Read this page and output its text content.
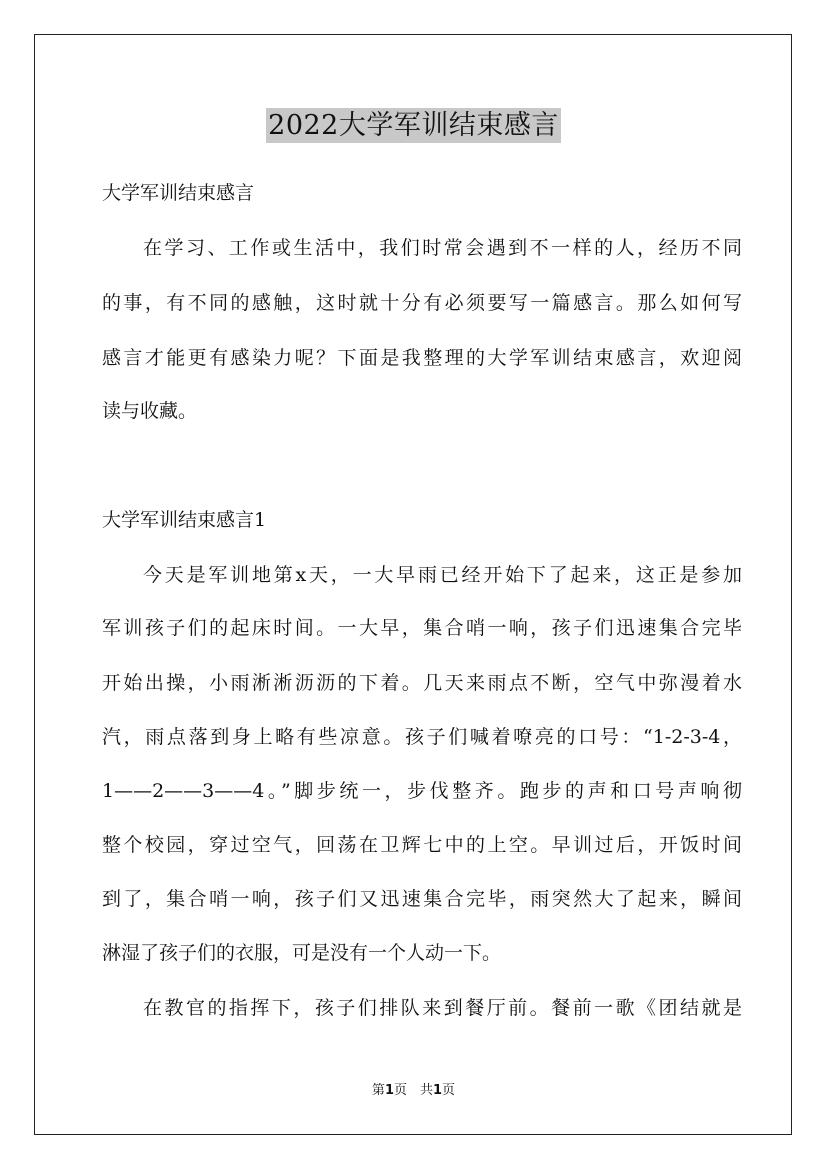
2022大学军训结束感言

大学军训结束感言

在学习、工作或生活中，我们时常会遇到不一样的人，经历不同

的事，有不同的感触，这时就十分有必须要写一篇感言。那么如何写

感言才能更有感染力呢？下面是我整理的大学军训结束感言，欢迎阅

读与收藏。

大学军训结束感言1

今天是军训地第x天，一大早雨已经开始下了起来，这正是参加

军训孩子们的起床时间。一大早，集合哨一响，孩子们迅速集合完毕

开始出操，小雨淅淅沥沥的下着。几天来雨点不断，空气中弥漫着水

汽，雨点落到身上略有些凉意。孩子们喊着嘹亮的口号：“1-2-3-4，

1——2——3——4。”脚步统一，步伐整齐。跑步的声和口号声响彻

整个校园，穿过空气，回荡在卫辉七中的上空。早训过后，开饭时间

到了，集合哨一响，孩子们又迅速集合完毕，雨突然大了起来，瞬间

淋湿了孩子们的衣服，可是没有一个人动一下。

在教官的指挥下，孩子们排队来到餐厅前。餐前一歌《团结就是

第1页　共1页
